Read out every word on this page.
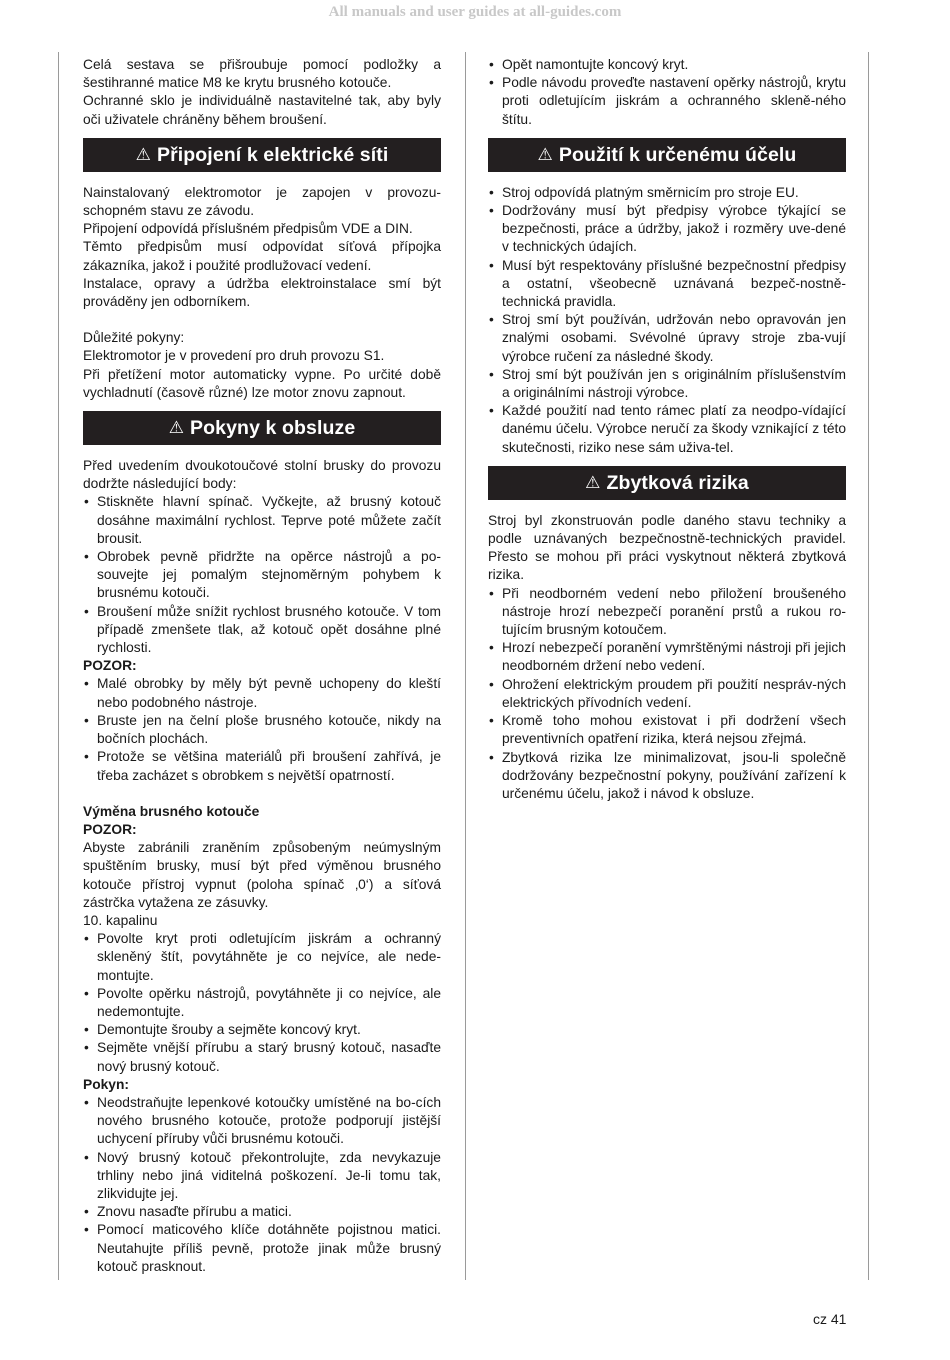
All manuals and user guides at all-guides.com

Celá sestava se přišroubuje pomocí podložky a šestihranné matice M8 ke krytu brusného kotouče.

Ochranné sklo je individuálně nastavitelné tak, aby byly oči uživatele chráněny během broušení.

⚠ Připojení k elektrické síti

Nainstalovaný elektromotor je zapojen v provozu-schopném stavu ze závodu.

Připojení odpovídá příslušném předpisům VDE a DIN.

Těmto předpisům musí odpovídat síťová přípojka zákazníka, jakož i použité prodlužovací vedení.

Instalace, opravy a údržba elektroinstalace smí být prováděny jen odborníkem.

Důležité pokyny:

Elektromotor je v provedení pro druh provozu S1.

Při přetížení motor automaticky vypne. Po určité době vychladnutí (časově různé) lze motor znovu zapnout.

⚠ Pokyny k obsluze

Před uvedením dvoukotoučové stolní brusky do provozu dodržte následující body:

• Stiskněte hlavní spínač. Vyčkejte, až brusný kotouč dosáhne maximální rychlost. Teprve poté můžete začít brousit.
• Obrobek pevně přidržte na opěrce nástrojů a po-souvejte jej pomalým stejnoměrným pohybem k brusnému kotouči.
• Broušení může snížit rychlost brusného kotouče. V tom případě zmenšete tlak, až kotouč opět dosáhne plné rychlosti.

POZOR:

• Malé obrobky by měly být pevně uchopeny do kleští nebo podobného nástroje.
• Bruste jen na čelní ploše brusného kotouče, nikdy na bočních plochách.
• Protože se většina materiálů při broušení zahřívá, je třeba zacházet s obrobkem s největší opatrností.

Výměna brusného kotouče

POZOR:

Abyste zabránili zraněním způsobeným neúmyslným spuštěním brusky, musí být před výměnou brusného kotouče přístroj vypnut (poloha spínač ‚0‘) a síťová zástrčka vytažena ze zásuvky.

10. kapalinu

• Povolte kryt proti odletujícím jiskrám a ochranný skleněný štít, povytáhněte je co nejvíce, ale nede-montujte.
• Povolte opěrku nástrojů, povytáhněte ji co nejvíce, ale nedemontujte.
• Demontujte šrouby a sejměte koncový kryt.
• Sejměte vnější přírubu a starý brusný kotouč, nasaďte nový brusný kotouč.

Pokyn:

• Neodstraňujte lepenkové kotoučky umístěné na bo-cích nového brusného kotouče, protože podporují jistější uchycení příruby vůči brusnému kotouči.
• Nový brusný kotouč překontrolujte, zda nevykazuje trhliny nebo jiná viditelná poškození. Je-li tomu tak, zlikvidujte jej.
• Znovu nasaďte přírubu a matici.
• Pomocí maticového klíče dotáhněte pojistnou matici. Neutahujte příliš pevně, protože jinak může brusný kotouč prasknout.
• Opět namontujte koncový kryt.
• Podle návodu proveďte nastavení opěrky nástrojů, krytu proti odletujícím jiskrám a ochranného skleně-ného štítu.
⚠ Použití k určenému účelu
• Stroj odpovídá platným směrnicím pro stroje EU.
• Dodržovány musí být předpisy výrobce týkající se bezpečnosti, práce a údržby, jakož i rozměry uve-dené v technických údajích.
• Musí být respektovány příslušné bezpečnostní předpisy a ostatní, všeobecně uznávaná bezpeč-nostně-technická pravidla.
• Stroj smí být používán, udržován nebo opravován jen znalými osobami. Svévolné úpravy stroje zba-vují výrobce ručení za následné škody.
• Stroj smí být používán jen s originálním příslušenstvím a originálními nástroji výrobce.
• Každé použití nad tento rámec platí za neodpo-vídající danému účelu. Výrobce neručí za škody vznikající z této skutečnosti, riziko nese sám uživa-tel.
⚠ Zbytková rizika

Stroj byl zkonstruován podle daného stavu techniky a podle uznávaných bezpečnostně-technických pravidel. Přesto se mohou při práci vyskytnout některá zbytková rizika.

• Při neodborném vedení nebo přiložení broušeného nástroje hrozí nebezpečí poranění prstů a rukou ro-tujícím brusným kotoučem.
• Hrozí nebezpečí poranění vymrštěnými nástroji při jejich neodborném držení nebo vedení.
• Ohrožení elektrickým proudem při použití nespráv-ných elektrických přívodních vedení.
• Kromě toho mohou existovat i při dodržení všech preventivních opatření rizika, která nejsou zřejmá.
• Zbytková rizika lze minimalizovat, jsou-li společně dodržovány bezpečnostní pokyny, používání zařízení k určenému účelu, jakož i návod k obsluze.
cz 41
